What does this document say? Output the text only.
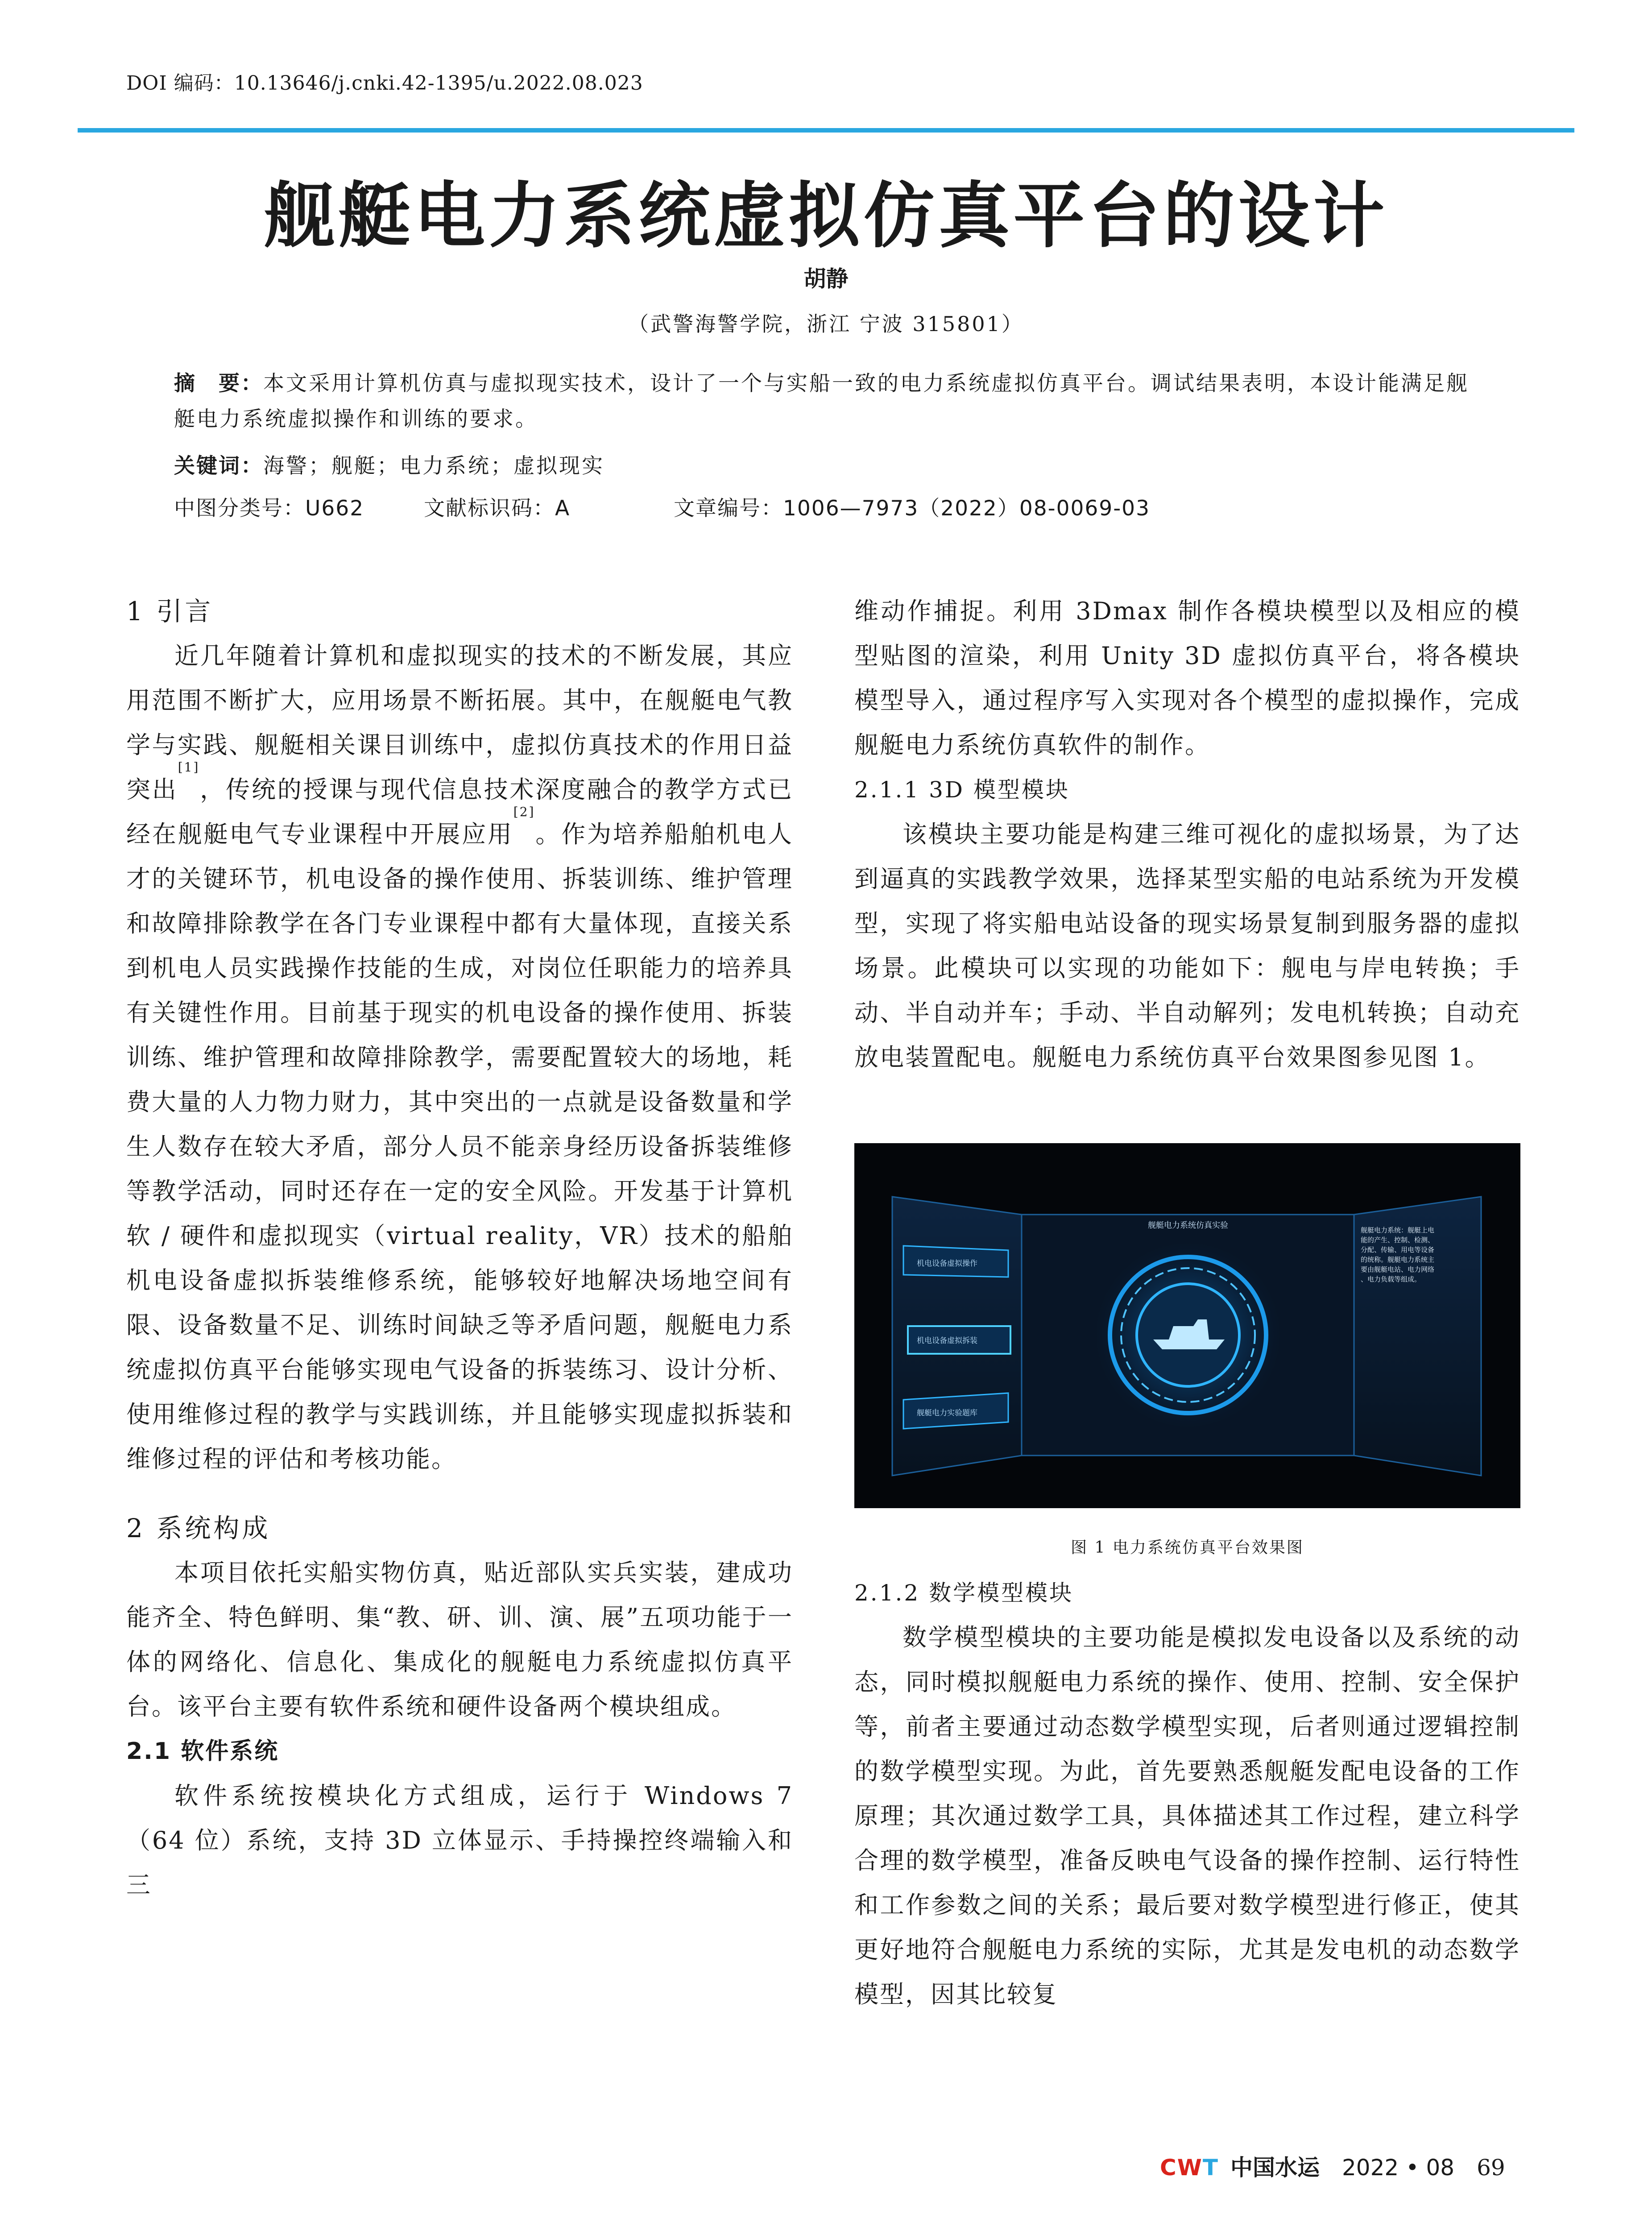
DOI 编码：10.13646/j.cnki.42-1395/u.2022.08.023
舰艇电力系统虚拟仿真平台的设计
胡静
（武警海警学院，浙江 宁波 315801）
摘　要：本文采用计算机仿真与虚拟现实技术，设计了一个与实船一致的电力系统虚拟仿真平台。调试结果表明，本设计能满足舰艇电力系统虚拟操作和训练的要求。
关键词：海警；舰艇；电力系统；虚拟现实
中图分类号：U662	文献标识码：A	文章编号：1006—7973（2022）08-0069-03
1 引言

近几年随着计算机和虚拟现实的技术的不断发展，其应用范围不断扩大，应用场景不断拓展。其中，在舰艇电气教学与实践、舰艇相关课目训练中，虚拟仿真技术的作用日益突出[1]，传统的授课与现代信息技术深度融合的教学方式已经在舰艇电气专业课程中开展应用[2]。作为培养船舶机电人才的关键环节，机电设备的操作使用、拆装训练、维护管理和故障排除教学在各门专业课程中都有大量体现，直接关系到机电人员实践操作技能的生成，对岗位任职能力的培养具有关键性作用。目前基于现实的机电设备的操作使用、拆装训练、维护管理和故障排除教学，需要配置较大的场地，耗费大量的人力物力财力，其中突出的一点就是设备数量和学生人数存在较大矛盾，部分人员不能亲身经历设备拆装维修等教学活动，同时还存在一定的安全风险。开发基于计算机软 / 硬件和虚拟现实（virtual reality，VR）技术的船舶机电设备虚拟拆装维修系统，能够较好地解决场地空间有限、设备数量不足、训练时间缺乏等矛盾问题，舰艇电力系统虚拟仿真平台能够实现电气设备的拆装练习、设计分析、使用维修过程的教学与实践训练，并且能够实现虚拟拆装和维修过程的评估和考核功能。

2 系统构成

本项目依托实船实物仿真，贴近部队实兵实装，建成功能齐全、特色鲜明、集“教、研、训、演、展”五项功能于一体的网络化、信息化、集成化的舰艇电力系统虚拟仿真平台。该平台主要有软件系统和硬件设备两个模块组成。

2.1 软件系统

软件系统按模块化方式组成，运行于 Windows 7（64 位）系统，支持 3D 立体显示、手持操控终端输入和三

维动作捕捉。利用 3Dmax 制作各模块模型以及相应的模型贴图的渲染，利用 Unity 3D 虚拟仿真平台，将各模块模型导入，通过程序写入实现对各个模型的虚拟操作，完成舰艇电力系统仿真软件的制作。

2.1.1 3D 模型模块

该模块主要功能是构建三维可视化的虚拟场景，为了达到逼真的实践教学效果，选择某型实船的电站系统为开发模型，实现了将实船电站设备的现实场景复制到服务器的虚拟场景。此模块可以实现的功能如下：舰电与岸电转换；手动、半自动并车；手动、半自动解列；发电机转换；自动充放电装置配电。舰艇电力系统仿真平台效果图参见图 1。

舰艇电力系统仿真实验
机电设备虚拟操作
机电设备虚拟拆装
舰艇电力实验题库
舰艇电力系统：舰艇上电
能的产生、控制、检测、
分配、传输、用电等设备
的统称。舰艇电力系统主
要由舰艇电站、电力网络
、电力负载等组成。
图 1 电力系统仿真平台效果图
2.1.2 数学模型模块

数学模型模块的主要功能是模拟发电设备以及系统的动态，同时模拟舰艇电力系统的操作、使用、控制、安全保护等，前者主要通过动态数学模型实现，后者则通过逻辑控制的数学模型实现。为此，首先要熟悉舰艇发配电设备的工作原理；其次通过数学工具，具体描述其工作过程，建立科学合理的数学模型，准备反映电气设备的操作控制、运行特性和工作参数之间的关系；最后要对数学模型进行修正，使其更好地符合舰艇电力系统的实际，尤其是发电机的动态数学模型，因其比较复

CWT 中国水运 2022 • 08 69
